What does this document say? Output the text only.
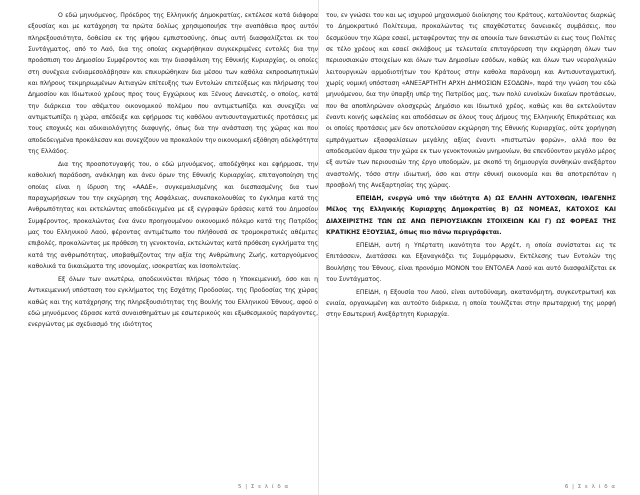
Ο εδώ μηνυόμενος, Πρόεδρος της Ελληνικής Δημοκρατίας, εκτέλεσε κατά διάφορα εξουσίας και με κατάχρηση τα πρώτα δολίως χρησιμοποιήσε την αναπάθεια προς αυτόν πληρεξουσιότητα, δοθείσα εκ της ψήφου εμπιστοσύνης, όπως αυτή διασφαλίζεται εκ του Συντάγματος, από το Λαό, δια της οποίας εκχωρήθηκαν συγκεκριμένες εντολές δια την προάσπιση του Δημοσίου Συμφέροντος και την διασφάλιση της Εθνικής Κυριαρχίας, οι οποίες στη συνέχεια ενδιαμεσολάβησαν και επικυρώθηκαν δια μέσου των καθόλα εκπροσωπητικών και πλήρους τεκμηριωμένων Αιτιαγών επίτευξης των Εντολών επιτεύξεως και πλήρωσης του Δημοσίου και Ιδιωτικού χρέους προς τους Εγχώριους και Ξένους Δανειστές, ο οποίος, κατά την διάρκεια του αθέμιτου οικονομικού πολέμου που αντιμετωπίζει και συνεχίζει να αντιμετωπίζει η χώρα, απέδειξε και εφήρμοσε τις καθόλου αντισυνταγματικές προτάσεις με τους εποχικές και αδικαιολόγητης διαφυγής, όπως δια την ανάσταση της χώρας και που αποδεδειγμένα προκάλεσαν και συνεχίζουν να προκαλούν την οικονομική εξόθηση αδελφότητα της Ελλάδος.

Δια της προαποτυγαφής του, ο εδώ μηνυόμενος, αποδέχθηκε και εφήρμοσε, την καθολική παράδοση, ανάκληψη και άνευ όρων της Εθνικής Κυριαρχίας, επιταγοποίηση της οποίας είναι η ίδρυση της «ΑΑΔΕ», συγκεμαλισμένης και διεσπασμένης δια των παραχωρήσεων του την εκχώρηση της Ασφάλειας, συνεπακολουθίας το έγκλημα κατά της Ανθρωπότητας και εκτελώντας αποδεδειγμένα με εξ εγγραφών δράσεις κατά του Δημοσίου Συμφέροντος, προκαλώντας ένα άνευ προηγουμένου οικονομικό πόλεμο κατά της Πατρίδος μας του Ελληνικού Λαού, φέροντας αντιμέτωπο του πλήθουσά σε τρομοκρατικές αθέμιτες επιβολές, προκαλώντας με πρόθεση τη γενοκτονία, εκτελώντας κατά πρόθεση εγκλήματα της κατά της ανθρωπότητας, υποβαθμίζοντας την αξία της Ανθρώπινης Ζωής, καταργούμενος καθολικά τα δικαιώματα της ισονομίας, ισοκρατίας και Ισοπολιτείας.

Εξ όλων των ανωτέρω, αποδεικνύεται πλήρως τόσο η Υποκειμενική, όσο και η Αντικειμενική υπόσταση του εγκλήματος της Εσχάτης Προδοσίας, της Προδοσίας της χώρας καθώς και της κατάχρησης της πληρεξουσιότητας της Βουλής του Ελληνικού Έθνους, αφού ο εδώ μηνυόμενος έδρασε κατά συναισθημάτων με εσωτερικούς και εξωθεσμικούς παράγοντες, ενεργώντας με σχεδιασμό της ιδιότητος

5 | Σ ε λ ί δ α

του, εν γνώσει του και ως ισχυρού μηχανισμού διοίκησης του Κράτους, καταλύοντας διαρκώς το Δημοκρατικό Πολίτευμα, προκαλώντας τις επαχθέστατες δανειακές συμβάσεις, που δεσμεύουν την Χώρα εσαεί, μεταφέροντας την σε αποικία των δανειστών ει εως τους Πολίτες σε τέλο χρέους και εσαεί σκλάβους με τελευταία επιταγόρευση την εκχώρηση όλων των περιουσιακών στοιχείων και όλων των Δημοσίων εσόδων, καθώς και όλων των νευραλγικών λειτουργικών αρμοδιοτήτων του Κράτους στην καθολα παράνομη και Αντισυνταγματική, χωρίς νομική υπόσταση «ΑΝΕΞΑΡΤΗΤΗ ΑΡΧΗ ΔΗΜΟΣΙΩΝ ΕΣΟΔΩΝ», παρά την γνώση του εδώ μηνυόμενου, δια την ύπαρξη υπέρ της Πατρίδος μας, των πολύ ευνοϊκών δικαίων προτάσεων, που θα αποπληρώναν ολοσχερώς Δημόσιο και Ιδιωτικό χρέος, καθώς και θα εκτελούνταν έναντι κοινής ωφελείας και αποδόσεων σε όλους τους Δήμους της Ελληνικής Επικράτειας και οι οποίες προτάσεις μεν δεν αποτελούσαν εκχώρηση της Εθνικής Κυριαρχίας, ούτε χορήγηση εμπράγματων εξασφαλίσεων μεγάλης αξίας έναντι «πιστωτών φορών», αλλά που θα αποδεσμεύαν άμεσα την χώρα εκ των γενοκτονικών μνημονίων, θα επενδύονταν μεγάλο μέρος εξ αυτών των περιουσιών της έργο υποδομών, με σκοπό τη δημιουργία συνθηκών ανεξάρτου αναστολής, τόσο στην ιδιωτική, όσο και στην εθνική οικονομία και θα αποτρεπόταν η προσβολή της Ανεξαρτησίας της χώρας.

ΕΠΕΙΔΗ, ενεργώ υπό την ιδιότητα Α) ΩΣ ΕΛΛΗΝ ΑΥΤΟΧΘΩΝ, ΙΘΑΓΕΝΗΣ Μέλος της Ελληνικής Κυριαρχης Δημοκρατίας Β) ΩΣ ΝΟΜΕΑΣ, ΚΑΤΟΧΟΣ ΚΑΙ ΔΙΑΧΕΙΡΙΣΤΗΣ ΤΩΝ ΩΣ ΑΝΩ ΠΕΡΙΟΥΣΙΑΚΩΝ ΣΤΟΙΧΕΙΩΝ ΚΑΙ Γ) ΩΣ ΦΟΡΕΑΣ ΤΗΣ ΚΡΑΤΙΚΗΣ ΕΞΟΥΣΙΑΣ, όπως πιο πάνω περιγράφεται.

ΕΠΕΙΔΗ, αυτή η Υπέρτατη ικανότητα του Αρχέτ, η οποία συνίσταται εις τε Επιτάσσειν, Διατάσσει και Εξαναγκάζει τις Συμμόρφωσιν, Εκτέλεσης των Εντολών της Βουλήσης του Έθνους, είναι προνόμιο ΜΟΝΟΝ του ΕΝΤΟΛΕΑ Λαού και αυτό διασφαλίζεται εκ του Συντάγματος.

ΕΠΕΙΔΗ, η Εξουσία του Λαού, είναι αυτοδύναμη, ακατανόμητη, συγκεντρωτική και ενιαία, οργανωμένη και αυτούτο διάρκεια, η οποία τουλίζεται στην πρωταρχική της μορφή στην Εσωτερική Ανεξάρτητη Κυριαρχία.

6 | Σ ε λ ί δ α
